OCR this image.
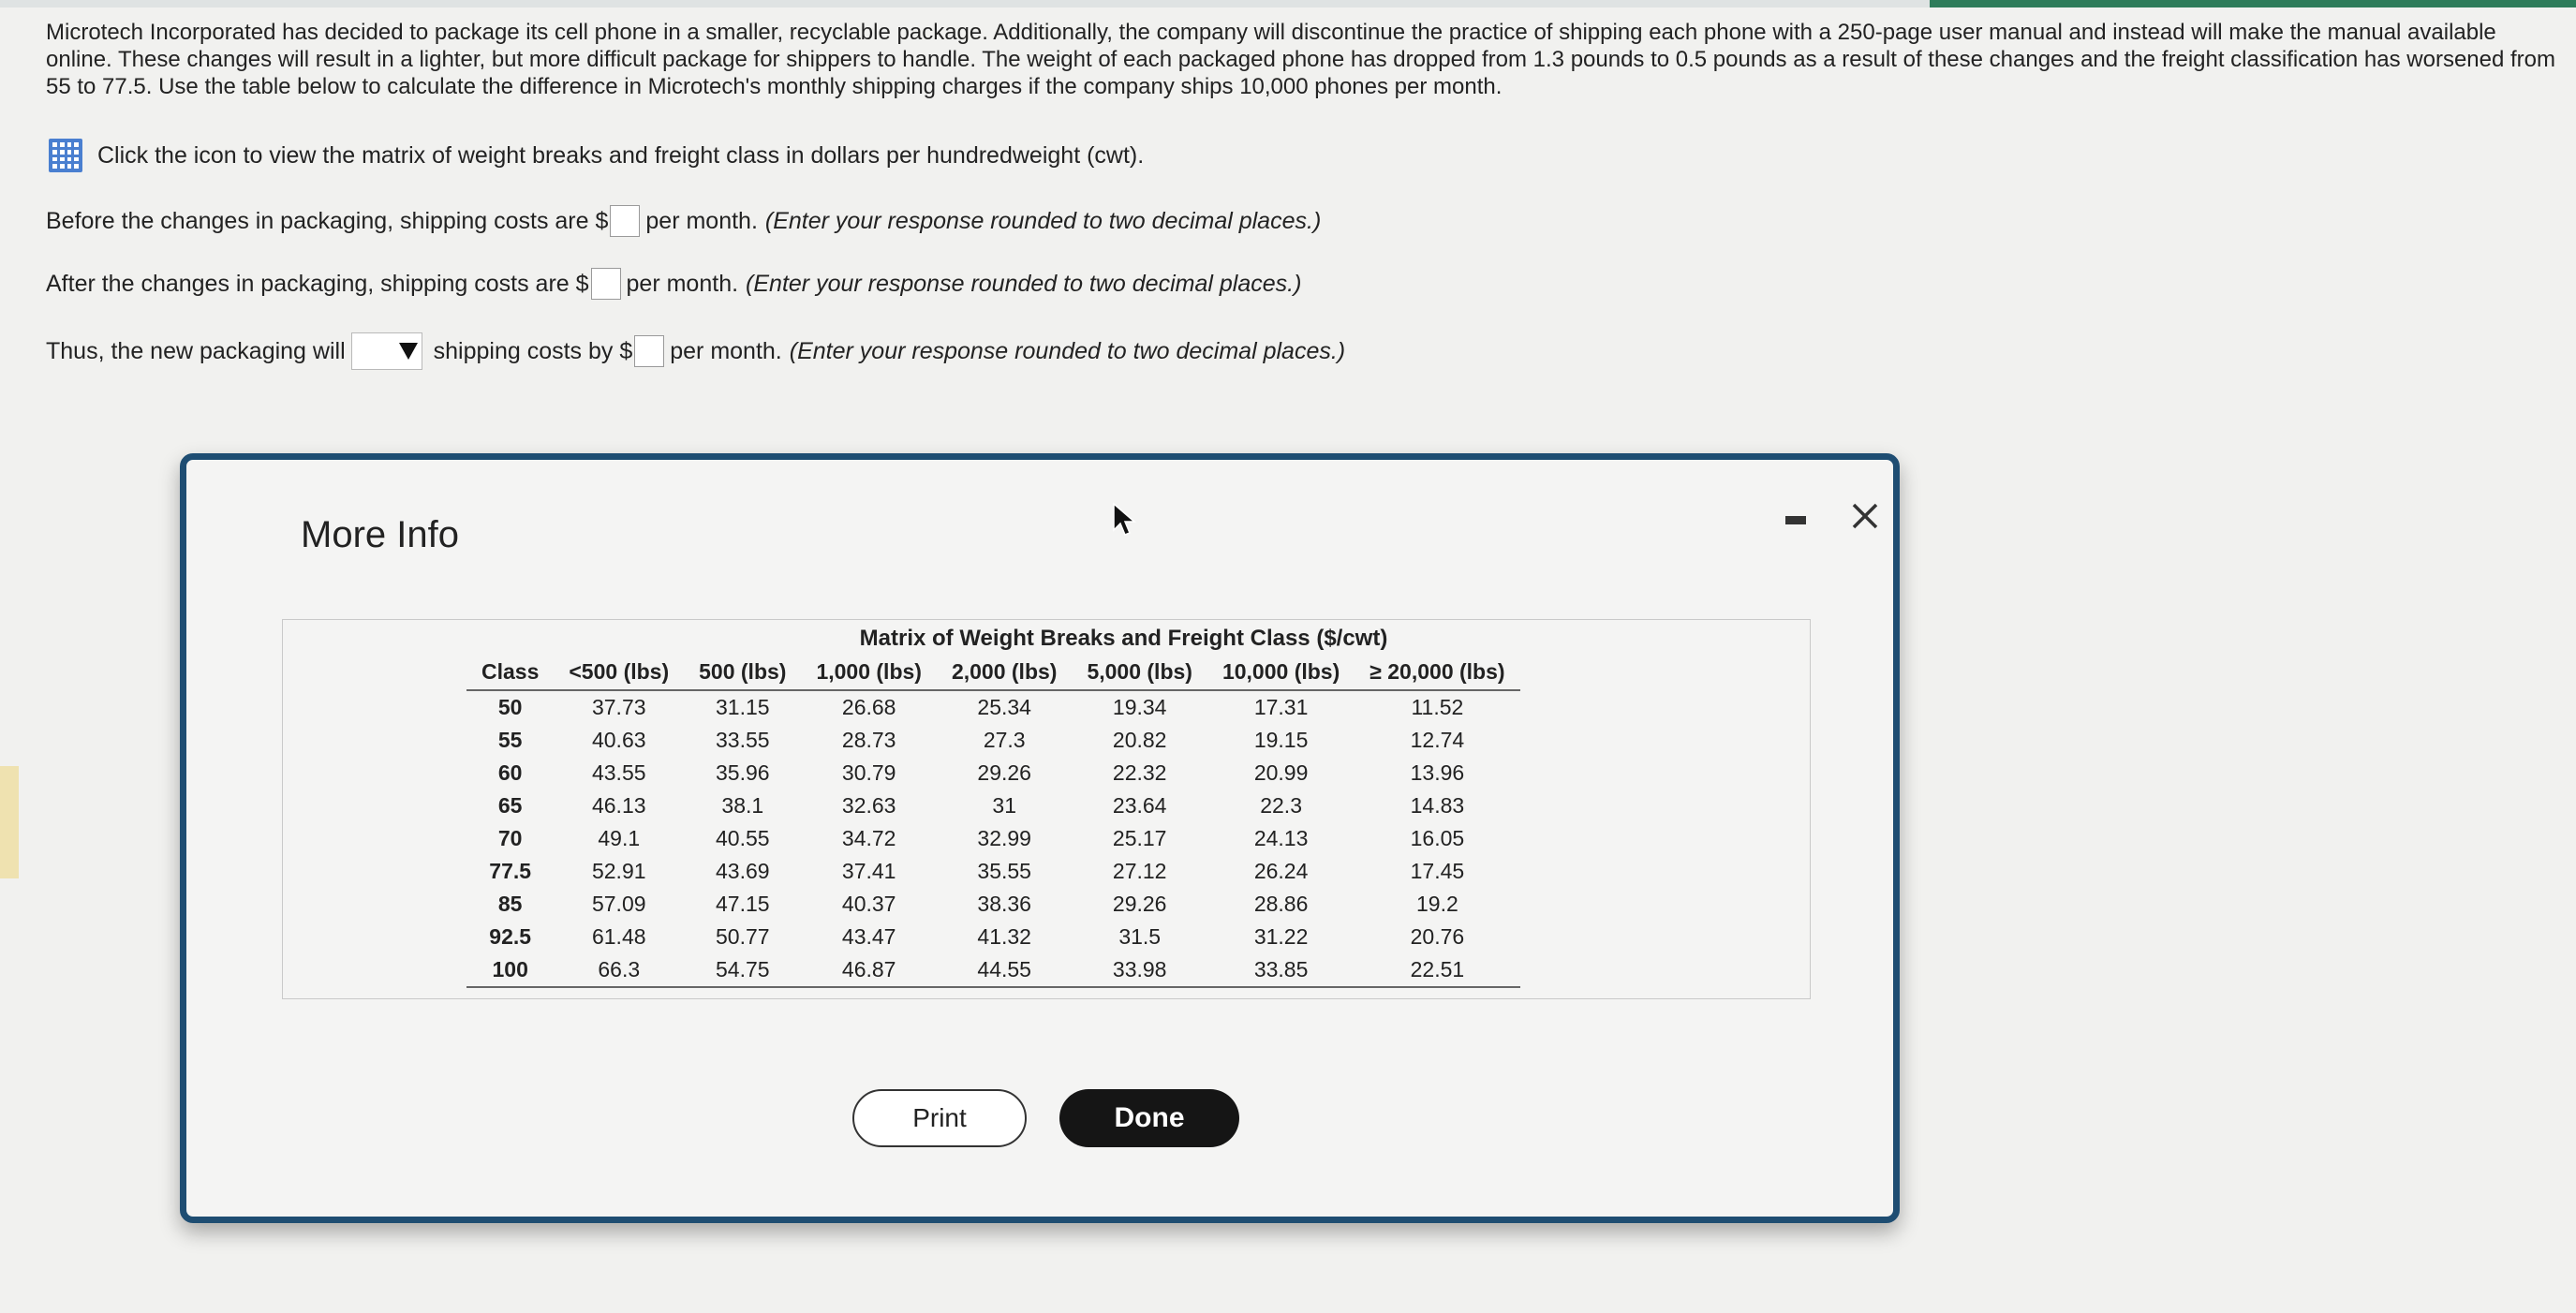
Microtech Incorporated has decided to package its cell phone in a smaller, recyclable package. Additionally, the company will discontinue the practice of shipping each phone with a 250-page user manual and instead will make the manual available online. These changes will result in a lighter, but more difficult package for shippers to handle. The weight of each packaged phone has dropped from 1.3 pounds to 0.5 pounds as a result of these changes and the freight classification has worsened from 55 to 77.5. Use the table below to calculate the difference in Microtech's monthly shipping charges if the company ships 10,000 phones per month.
Click the icon to view the matrix of weight breaks and freight class in dollars per hundredweight (cwt).
Before the changes in packaging, shipping costs are $ per month. (Enter your response rounded to two decimal places.)
After the changes in packaging, shipping costs are $ per month. (Enter your response rounded to two decimal places.)
Thus, the new packaging will	shipping costs by $ per month. (Enter your response rounded to two decimal places.)
More Info
Matrix of Weight Breaks and Freight Class ($/cwt)
Class	<500 (lbs)	500 (lbs)	1,000 (lbs)	2,000 (lbs)	5,000 (lbs)	10,000 (lbs)	≥ 20,000 (lbs)
50	37.73	31.15	26.68	25.34	19.34	17.31	11.52
55	40.63	33.55	28.73	27.3	20.82	19.15	12.74
60	43.55	35.96	30.79	29.26	22.32	20.99	13.96
65	46.13	38.1	32.63	31	23.64	22.3	14.83
70	49.1	40.55	34.72	32.99	25.17	24.13	16.05
77.5	52.91	43.69	37.41	35.55	27.12	26.24	17.45
85	57.09	47.15	40.37	38.36	29.26	28.86	19.2
92.5	61.48	50.77	43.47	41.32	31.5	31.22	20.76
100	66.3	54.75	46.87	44.55	33.98	33.85	22.51
Print	Done
